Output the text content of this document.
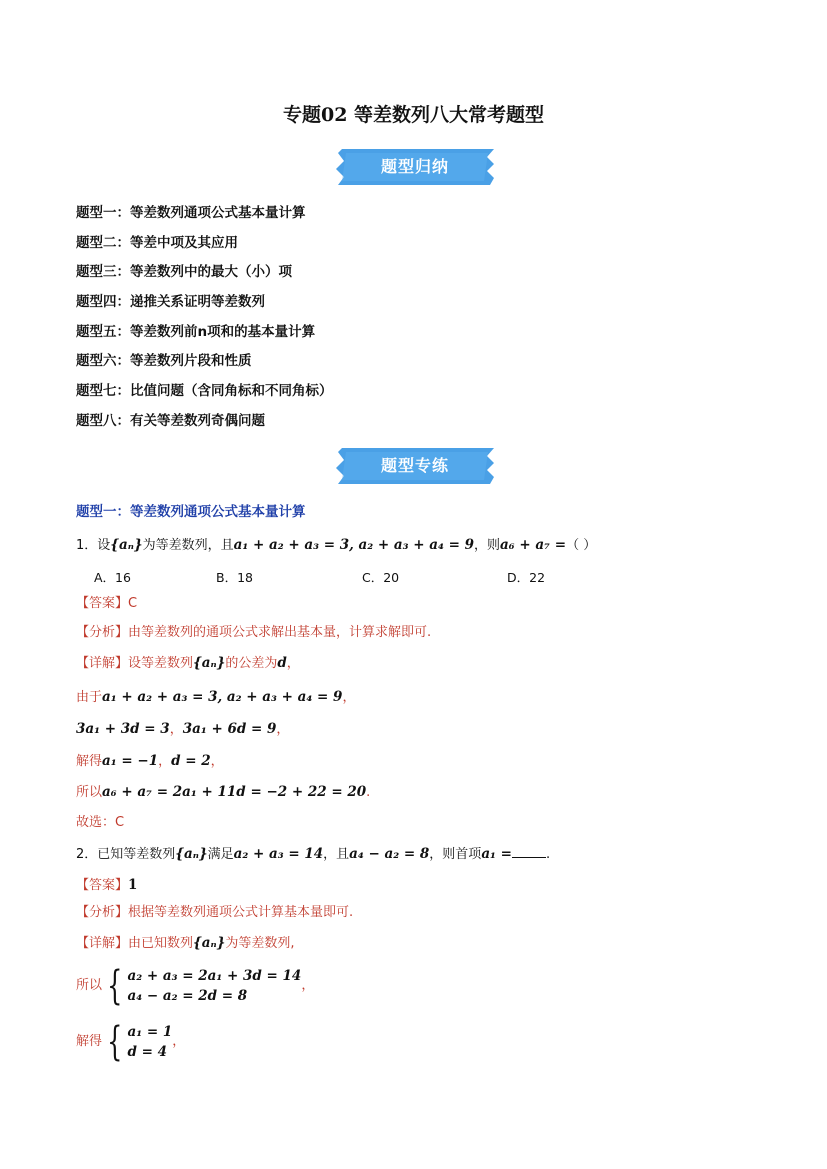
专题02 等差数列八大常考题型
题型归纳
题型一：等差数列通项公式基本量计算
题型二：等差中项及其应用
题型三：等差数列中的最大（小）项
题型四：递推关系证明等差数列
题型五：等差数列前n项和的基本量计算
题型六：等差数列片段和性质
题型七：比值问题（含同角标和不同角标）
题型八：有关等差数列奇偶问题
题型专练
题型一：等差数列通项公式基本量计算
1．设{aₙ}为等差数列，且a₁ + a₂ + a₃ = 3, a₂ + a₃ + a₄ = 9，则a₆ + a₇ =（ ）
A．16	B．18	C．20	D．22
【答案】C
【分析】由等差数列的通项公式求解出基本量，计算求解即可.
【详解】设等差数列{aₙ}的公差为d，
由于a₁ + a₂ + a₃ = 3, a₂ + a₃ + a₄ = 9，
3a₁ + 3d = 3，3a₁ + 6d = 9，
解得a₁ = −1，d = 2，
所以a₆ + a₇ = 2a₁ + 11d = −2 + 22 = 20.
故选：C
2．已知等差数列{aₙ}满足a₂ + a₃ = 14，且a₄ − a₂ = 8，则首项a₁ =	.
【答案】1
【分析】根据等差数列通项公式计算基本量即可.
【详解】由已知数列{aₙ}为等差数列,
所以 { a₂ + a₃ = 2a₁ + 3d = 14
a₄ − a₂ = 2d = 8
，
解得 { a₁ = 1
d = 4
，
